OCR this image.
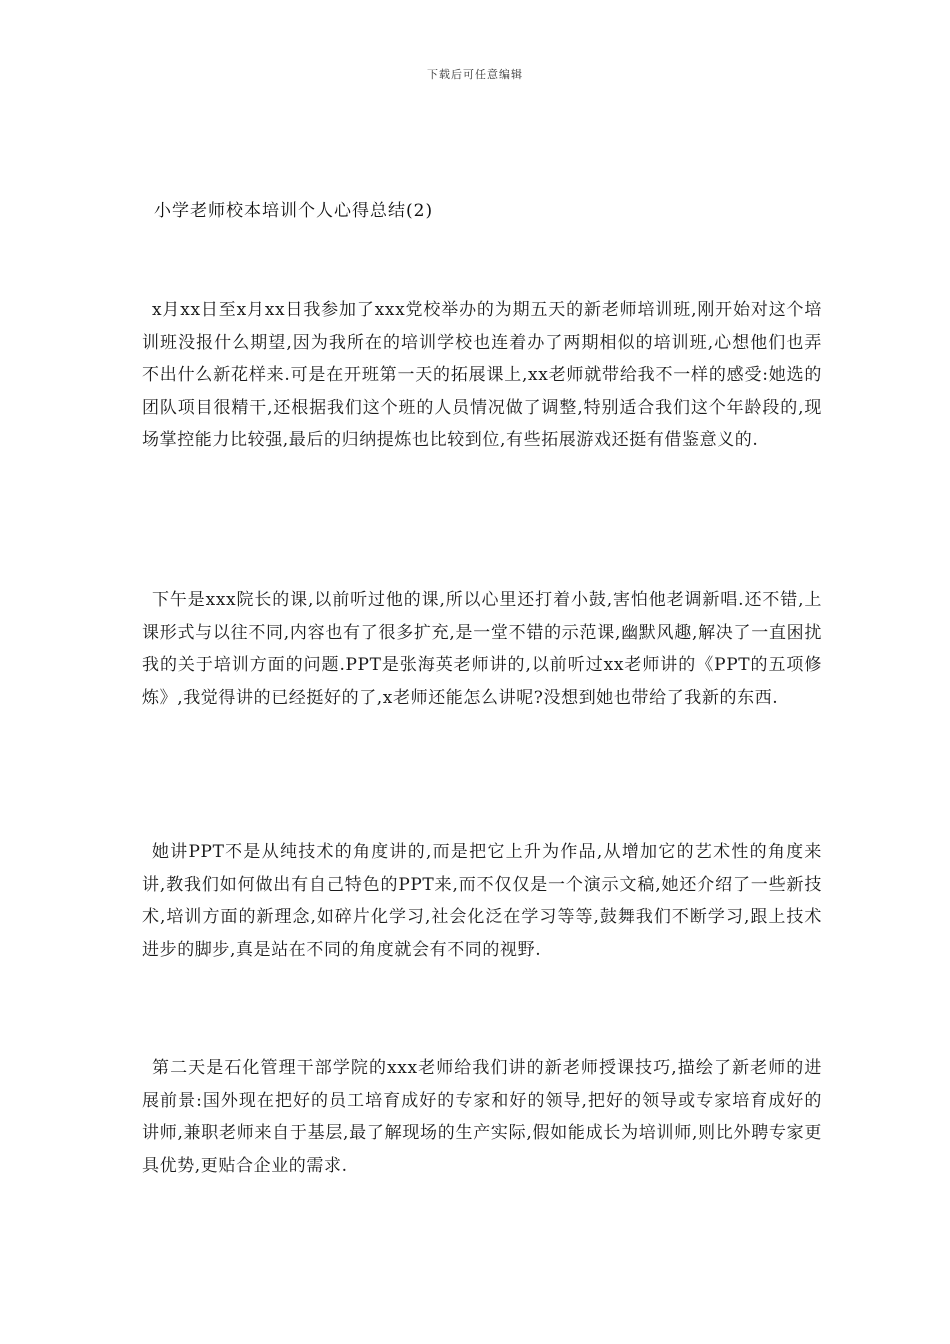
下载后可任意编辑
小学老师校本培训个人心得总结(2)

x月xx日至x月xx日我参加了xxx党校举办的为期五天的新老师培训班,刚开始对这个培训班没报什么期望,因为我所在的培训学校也连着办了两期相似的培训班,心想他们也弄不出什么新花样来.可是在开班第一天的拓展课上,xx老师就带给我不一样的感受:她选的团队项目很精干,还根据我们这个班的人员情况做了调整,特别适合我们这个年龄段的,现场掌控能力比较强,最后的归纳提炼也比较到位,有些拓展游戏还挺有借鉴意义的.

下午是xxx院长的课,以前听过他的课,所以心里还打着小鼓,害怕他老调新唱.还不错,上课形式与以往不同,内容也有了很多扩充,是一堂不错的示范课,幽默风趣,解决了一直困扰我的关于培训方面的问题.PPT是张海英老师讲的,以前听过xx老师讲的《PPT的五项修炼》,我觉得讲的已经挺好的了,x老师还能怎么讲呢?没想到她也带给了我新的东西.

她讲PPT不是从纯技术的角度讲的,而是把它上升为作品,从增加它的艺术性的角度来讲,教我们如何做出有自己特色的PPT来,而不仅仅是一个演示文稿,她还介绍了一些新技术,培训方面的新理念,如碎片化学习,社会化泛在学习等等,鼓舞我们不断学习,跟上技术进步的脚步,真是站在不同的角度就会有不同的视野.

第二天是石化管理干部学院的xxx老师给我们讲的新老师授课技巧,描绘了新老师的进展前景:国外现在把好的员工培育成好的专家和好的领导,把好的领导或专家培育成好的讲师,兼职老师来自于基层,最了解现场的生产实际,假如能成长为培训师,则比外聘专家更具优势,更贴合企业的需求.
